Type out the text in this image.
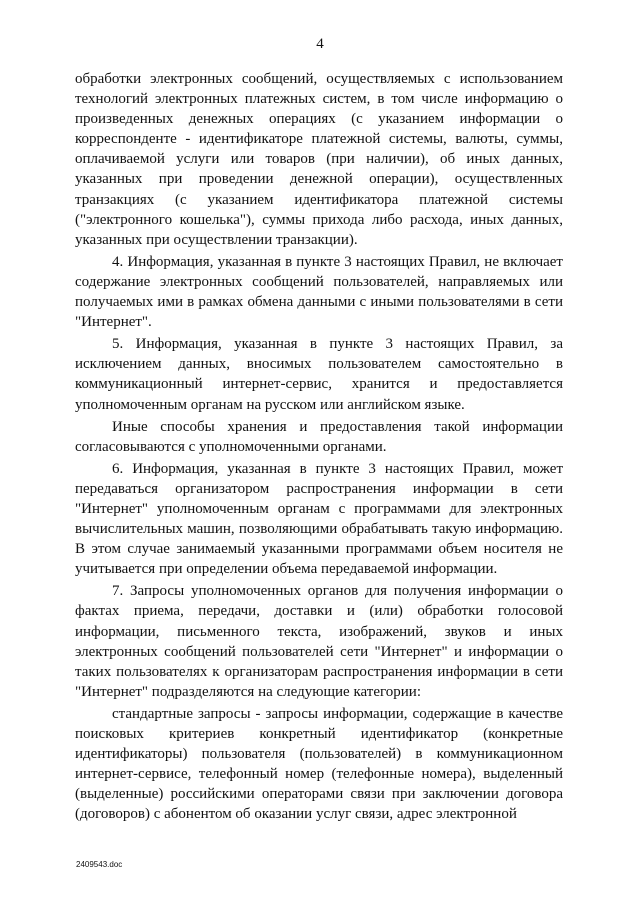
4

обработки электронных сообщений, осуществляемых с использованием технологий электронных платежных систем, в том числе информацию о произведенных денежных операциях (с указанием информации о корреспонденте - идентификаторе платежной системы, валюты, суммы, оплачиваемой услуги или товаров (при наличии), об иных данных, указанных при проведении денежной операции), осуществленных транзакциях (с указанием идентификатора платежной системы ("электронного кошелька"), суммы прихода либо расхода, иных данных, указанных при осуществлении транзакции).

4. Информация, указанная в пункте 3 настоящих Правил, не включает содержание электронных сообщений пользователей, направляемых или получаемых ими в рамках обмена данными с иными пользователями в сети "Интернет".

5. Информация, указанная в пункте 3 настоящих Правил, за исключением данных, вносимых пользователем самостоятельно в коммуникационный интернет-сервис, хранится и предоставляется уполномоченным органам на русском или английском языке.

Иные способы хранения и предоставления такой информации согласовываются с уполномоченными органами.

6. Информация, указанная в пункте 3 настоящих Правил, может передаваться организатором распространения информации в сети "Интернет" уполномоченным органам с программами для электронных вычислительных машин, позволяющими обрабатывать такую информацию. В этом случае занимаемый указанными программами объем носителя не учитывается при определении объема передаваемой информации.

7. Запросы уполномоченных органов для получения информации о фактах приема, передачи, доставки и (или) обработки голосовой информации, письменного текста, изображений, звуков и иных электронных сообщений пользователей сети "Интернет" и информации о таких пользователях к организаторам распространения информации в сети "Интернет" подразделяются на следующие категории:

стандартные запросы - запросы информации, содержащие в качестве поисковых критериев конкретный идентификатор (конкретные идентификаторы) пользователя (пользователей) в коммуникационном интернет-сервисе, телефонный номер (телефонные номера), выделенный (выделенные) российскими операторами связи при заключении договора (договоров) с абонентом об оказании услуг связи, адрес электронной

2409543.doc
